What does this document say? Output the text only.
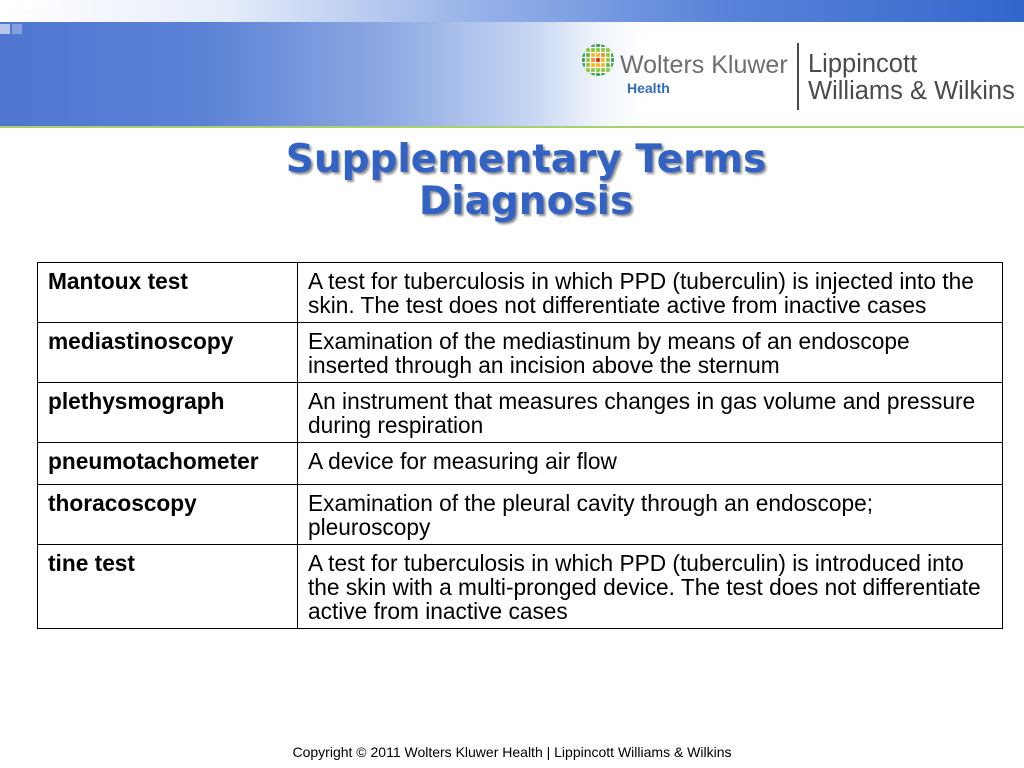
Wolters Kluwer
Health
Lippincott
Williams & Wilkins
Supplementary Terms
Diagnosis
Mantoux test	A test for tuberculosis in which PPD (tuberculin) is injected into the skin. The test does not differentiate active from inactive cases
mediastinoscopy	Examination of the mediastinum by means of an endoscope inserted through an incision above the sternum
plethysmograph	An instrument that measures changes in gas volume and pressure during respiration
pneumotachometer	A device for measuring air flow
thoracoscopy	Examination of the pleural cavity through an endoscope; pleuroscopy
tine test	A test for tuberculosis in which PPD (tuberculin) is introduced into the skin with a multi-pronged device. The test does not differentiate active from inactive cases
Copyright © 2011 Wolters Kluwer Health | Lippincott Williams & Wilkins
